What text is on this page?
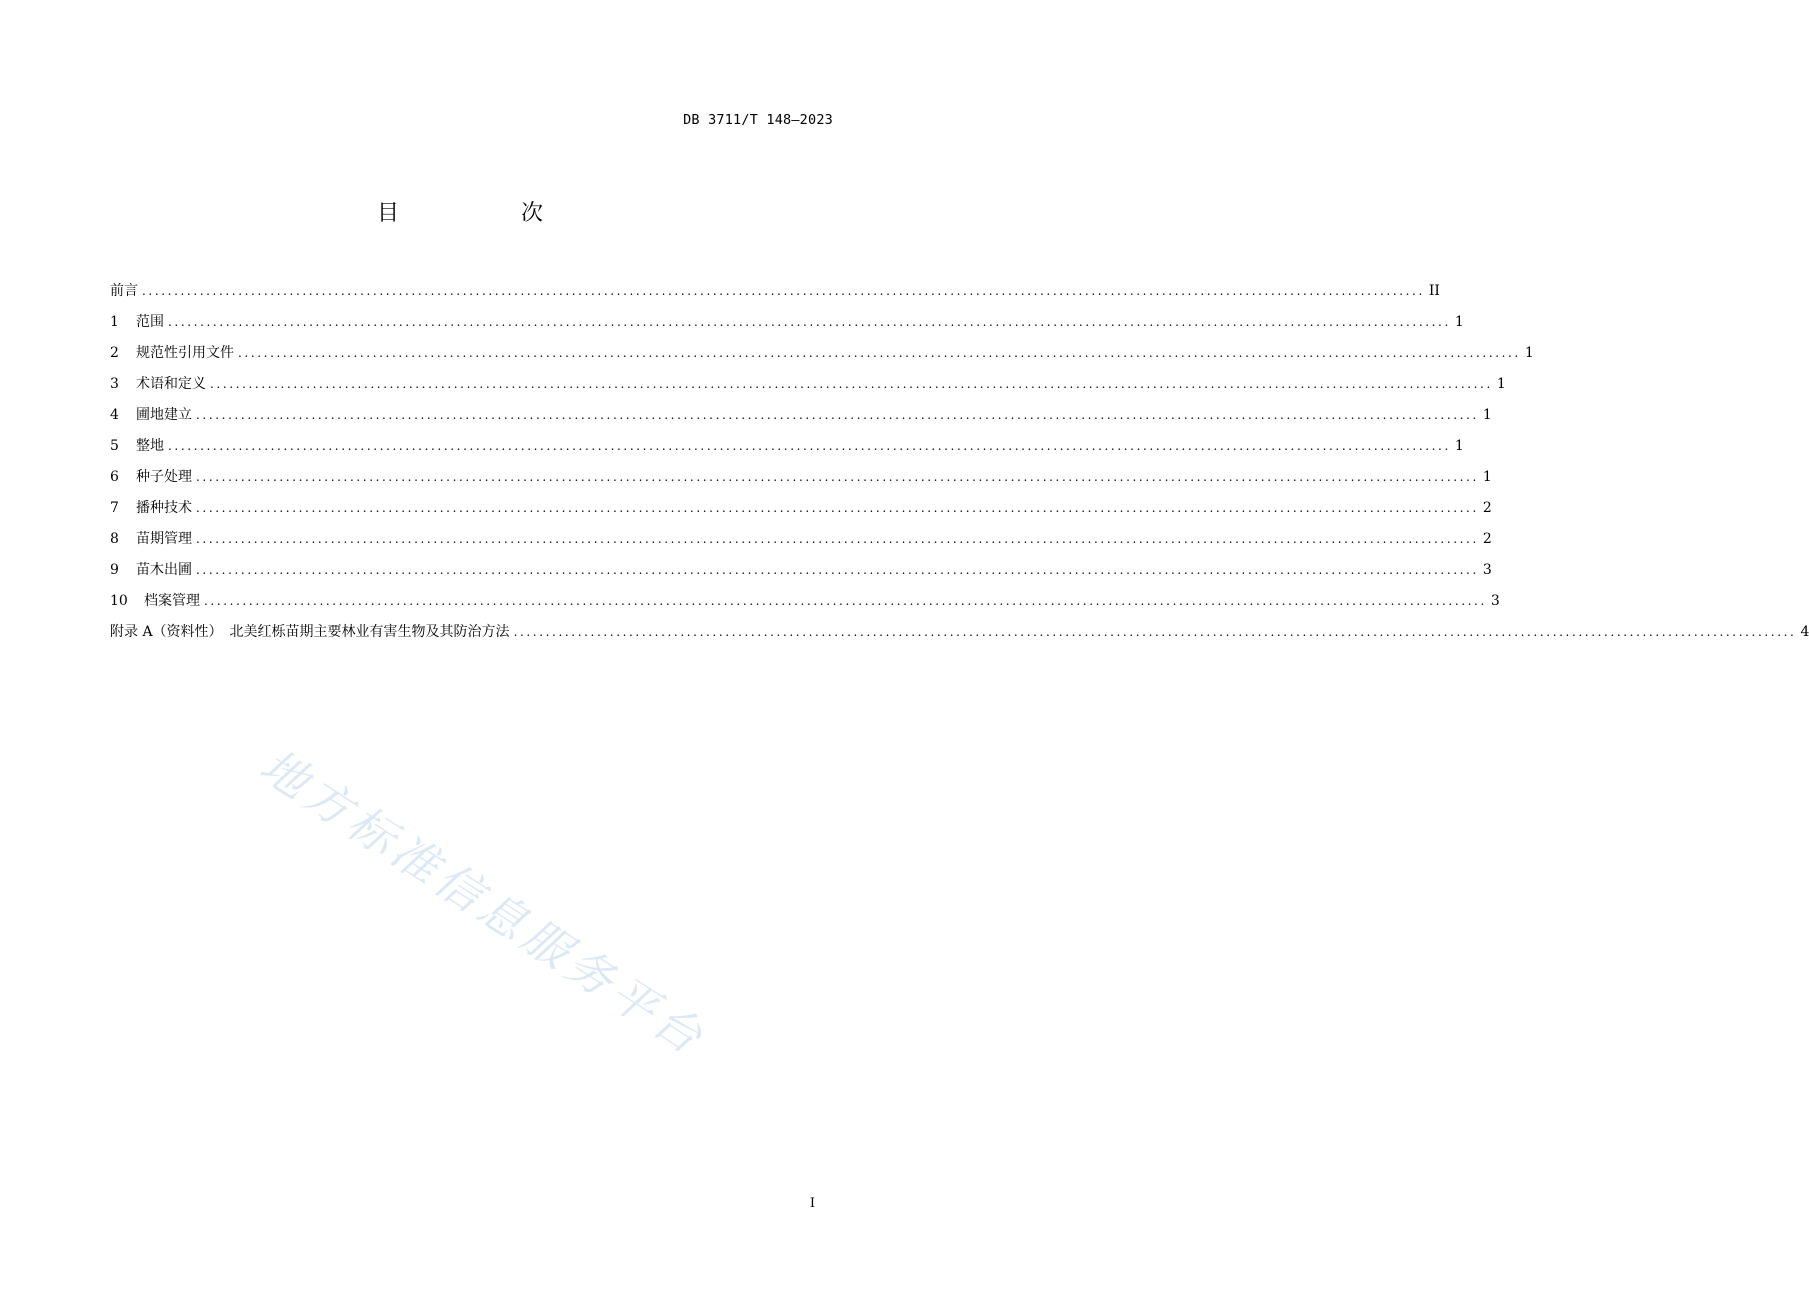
DB 3711/T 148—2023
目　次
前言 ........................................................................................................................................................................................................ II
1	范围 ........................................................................................................................................................................................................ 1
2	规范性引用文件 ........................................................................................................................................................................................................ 1
3	术语和定义 ........................................................................................................................................................................................................ 1
4	圃地建立 ........................................................................................................................................................................................................ 1
5	整地 ........................................................................................................................................................................................................ 1
6	种子处理 ........................................................................................................................................................................................................ 1
7	播种技术 ........................................................................................................................................................................................................ 2
8	苗期管理 ........................................................................................................................................................................................................ 2
9	苗木出圃 ........................................................................................................................................................................................................ 3
10	档案管理 ........................................................................................................................................................................................................ 3
附录 A（资料性）　北美红栎苗期主要林业有害生物及其防治方法 ........................................................................................................................................................................................................ 4
地方标准信息服务平台
I
